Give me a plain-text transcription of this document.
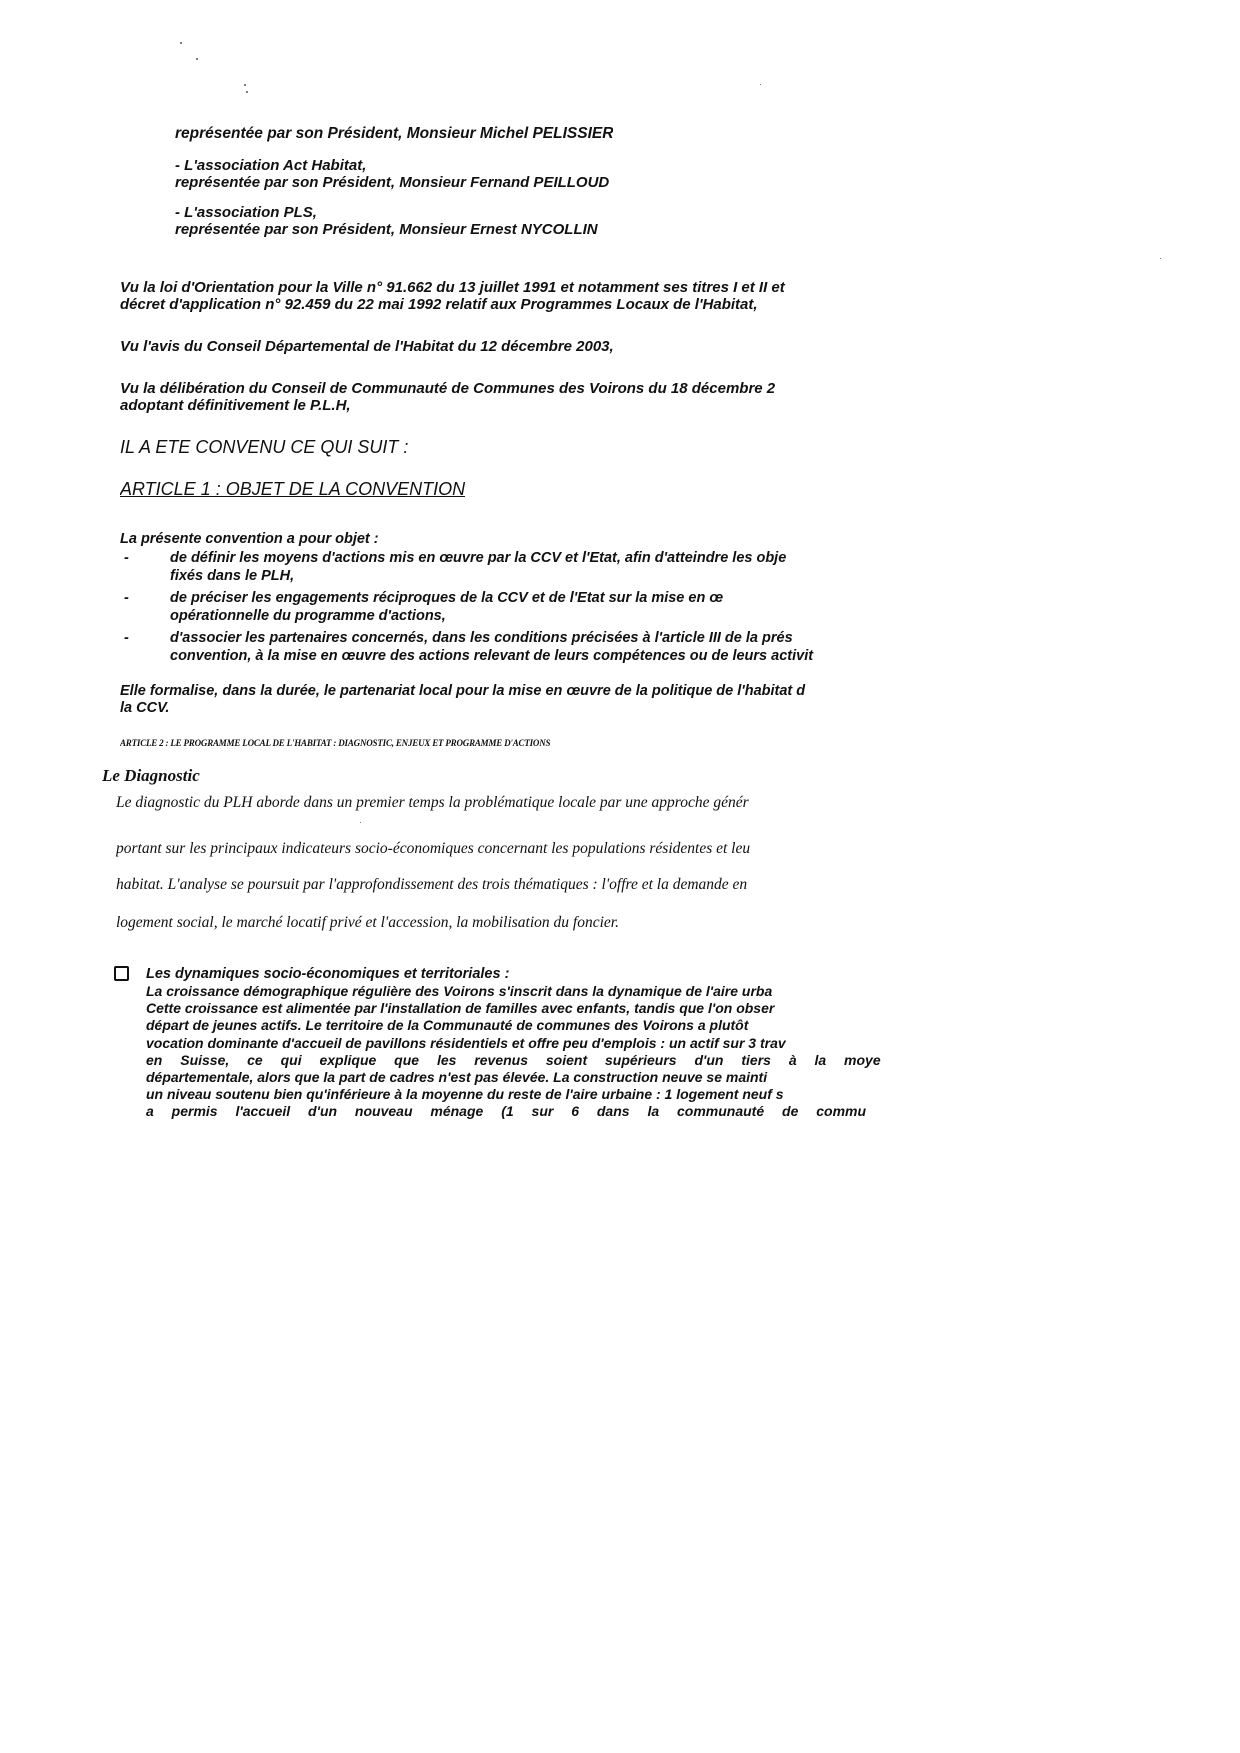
représentée par son Président, Monsieur Michel PELISSIER
- L'association Act Habitat,
représentée par son Président, Monsieur Fernand PEILLOUD
- L'association PLS,
représentée par son Président, Monsieur Ernest NYCOLLIN
Vu la loi d'Orientation pour la Ville n° 91.662 du 13 juillet 1991 et notamment ses titres I et II et
décret d'application n° 92.459 du 22 mai 1992 relatif aux Programmes Locaux de l'Habitat,
Vu l'avis du Conseil Départemental de l'Habitat du 12 décembre 2003,
Vu la délibération du Conseil de Communauté de Communes des Voirons du 18 décembre 2
adoptant définitivement le P.L.H,
IL A ETE CONVENU CE QUI SUIT :
ARTICLE 1 : OBJET DE LA CONVENTION
La présente convention a pour objet :
-	de définir les moyens d'actions mis en œuvre par la CCV et l'Etat, afin d'atteindre les obje
fixés dans le PLH,
-	de préciser les engagements réciproques de la CCV et de l'Etat sur la mise en œ
opérationnelle du programme d'actions,
-	d'associer les partenaires concernés, dans les conditions précisées à l'article III de la prés
convention, à la mise en œuvre des actions relevant de leurs compétences ou de leurs activit
Elle formalise, dans la durée, le partenariat local pour la mise en œuvre de la politique de l'habitat d
la CCV.
ARTICLE 2 : LE PROGRAMME LOCAL DE L'HABITAT : DIAGNOSTIC, ENJEUX ET PROGRAMME D'ACTIONS
Le Diagnostic
Le diagnostic du PLH aborde dans un premier temps la problématique locale par une approche génér
portant sur les principaux indicateurs socio-économiques concernant les populations résidentes et leu
habitat. L'analyse se poursuit par l'approfondissement des trois thématiques : l'offre et la demande en
logement social, le marché locatif privé et l'accession, la mobilisation du foncier.
Les dynamiques socio-économiques et territoriales :
La croissance démographique régulière des Voirons s'inscrit dans la dynamique de l'aire urba
Cette croissance est alimentée par l'installation de familles avec enfants, tandis que l'on obser
départ de jeunes actifs. Le territoire de la Communauté de communes des Voirons a plutôt
vocation dominante d'accueil de pavillons résidentiels et offre peu d'emplois : un actif sur 3 trav
en Suisse, ce qui explique que les revenus soient supérieurs d'un tiers à la moye
départementale, alors que la part de cadres n'est pas élevée. La construction neuve se mainti
un niveau soutenu bien qu'inférieure à la moyenne du reste de l'aire urbaine : 1 logement neuf s
a permis l'accueil d'un nouveau ménage (1 sur 6 dans la communauté de commu
